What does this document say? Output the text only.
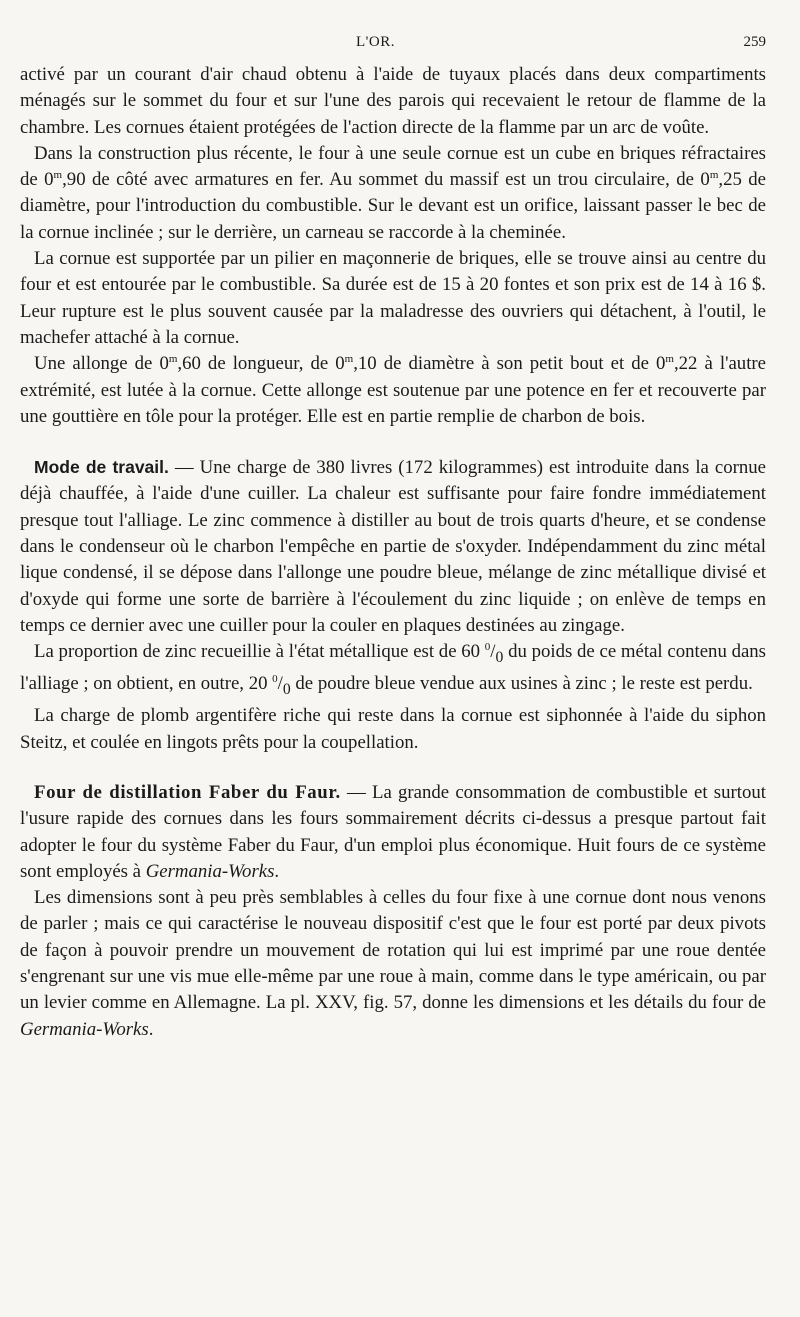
L'OR.	259

activé par un courant d'air chaud obtenu à l'aide de tuyaux placés dans deux compartiments ménagés sur le sommet du four et sur l'une des parois qui recevaient le retour de flamme de la chambre. Les cornues étaient protégées de l'action directe de la flamme par un arc de voûte.

Dans la construction plus récente, le four à une seule cornue est un cube en briques réfractaires de 0$^m$,90 de côté avec armatures en fer. Au sommet du massif est un trou circulaire, de 0$^m$,25 de diamètre, pour l'introduction du combustible. Sur le devant est un orifice, laissant passer le bec de la cornue inclinée ; sur le derrière, un carneau se raccorde à la cheminée.

La cornue est supportée par un pilier en maçonnerie de briques, elle se trouve ainsi au centre du four et est entourée par le combustible. Sa durée est de 15 à 20 fontes et son prix est de 14 à 16 $. Leur rupture est le plus souvent causée par la maladresse des ouvriers qui détachent, à l'outil, le machefer attaché à la cornue.

Une allonge de 0$^m$,60 de longueur, de 0$^m$,10 de diamètre à son petit bout et de 0$^m$,22 à l'autre extrémité, est lutée à la cornue. Cette allonge est soutenue par une potence en fer et recouverte par une gouttière en tôle pour la protéger. Elle est en partie remplie de charbon de bois.

Mode de travail. — Une charge de 380 livres (172 kilogrammes) est introduite dans la cornue déjà chauffée, à l'aide d'une cuiller. La chaleur est suffisante pour faire fondre immédiatement presque tout l'alliage. Le zinc commence à distiller au bout de trois quarts d'heure, et se condense dans le condenseur où le charbon l'empêche en partie de s'oxyder. Indépendamment du zinc métal lique condensé, il se dépose dans l'allonge une poudre bleue, mélange de zinc métallique divisé et d'oxyde qui forme une sorte de barrière à l'écoulement du zinc liquide ; on enlève de temps en temps ce dernier avec une cuiller pour la couler en plaques destinées au zingage.

La proportion de zinc recueillie à l'état métallique est de 60 $^0/_0$ du poids de ce métal contenu dans l'alliage ; on obtient, en outre, 20 $^0/_0$ de poudre bleue vendue aux usines à zinc ; le reste est perdu.

La charge de plomb argentifère riche qui reste dans la cornue est siphonnée à l'aide du siphon Steitz, et coulée en lingots prêts pour la coupellation.

Four de distillation Faber du Faur. — La grande consommation de combustible et surtout l'usure rapide des cornues dans les fours sommairement décrits ci-dessus a presque partout fait adopter le four du système Faber du Faur, d'un emploi plus économique. Huit fours de ce système sont employés à Germania-Works.

Les dimensions sont à peu près semblables à celles du four fixe à une cornue dont nous venons de parler ; mais ce qui caractérise le nouveau dispositif c'est que le four est porté par deux pivots de façon à pouvoir prendre un mouvement de rotation qui lui est imprimé par une roue dentée s'engrenant sur une vis mue elle-même par une roue à main, comme dans le type américain, ou par un levier comme en Allemagne. La pl. XXV, fig. 57, donne les dimensions et les détails du four de Germania-Works.
